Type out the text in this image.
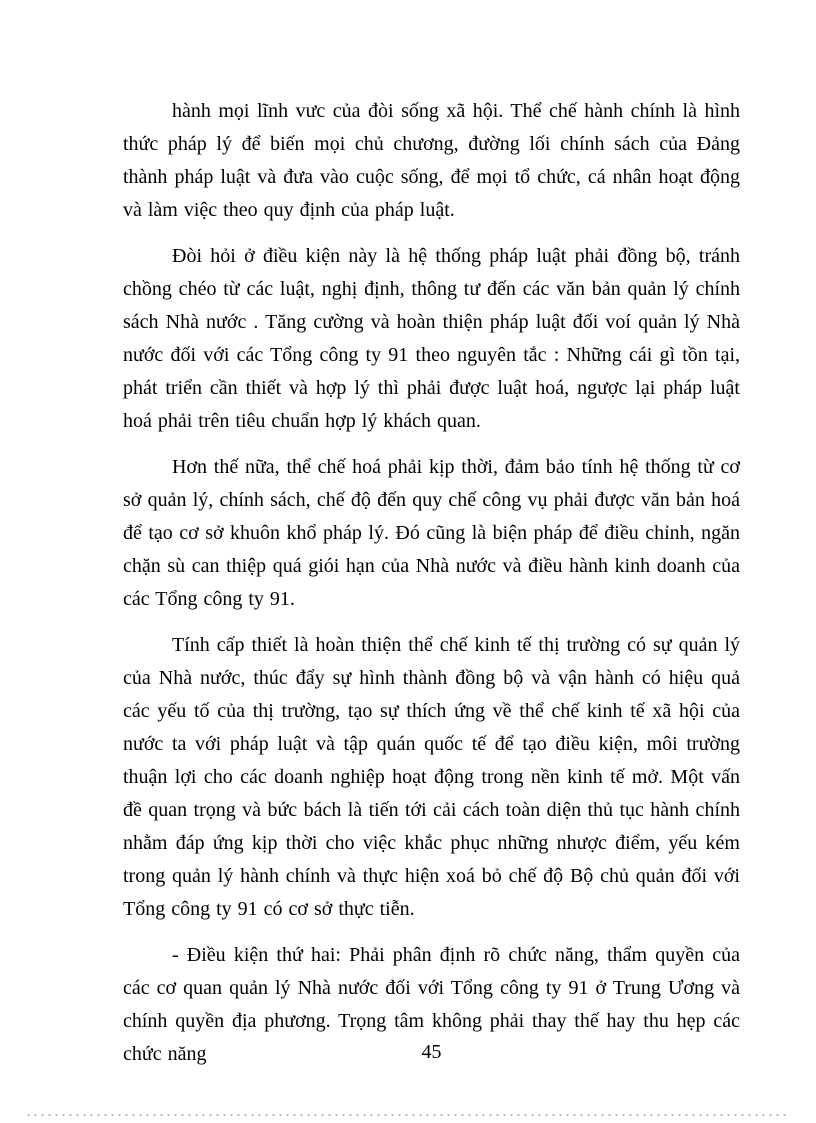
hành mọi lĩnh vưc của đòi sống xã hội. Thể chế hành chính là hình thức pháp lý để biến mọi chủ chương, đường lối chính sách của Đảng thành pháp luật và đưa vào cuộc sống, để mọi tổ chức, cá nhân hoạt động và làm việc theo quy định của pháp luật.

Đòi hỏi ở điều kiện này là hệ thống pháp luật phải đồng bộ, tránh chồng chéo từ các luật, nghị định, thông tư đến các văn bản quản lý chính sách Nhà nước . Tăng cường và hoàn thiện pháp luật đối voí quản lý Nhà nước đối với các Tổng công ty 91 theo nguyên tắc : Những cái gì tồn tại, phát triển cần thiết và hợp lý thì phải được luật hoá, ngược lại pháp luật hoá phải trên tiêu chuẩn hợp lý khách quan.

Hơn thế nữa, thể chế hoá phải kịp thời, đảm bảo tính hệ thống từ cơ sở quản lý, chính sách, chế độ đến quy chế công vụ phải được văn bản hoá để tạo cơ sở khuôn khổ pháp lý. Đó cũng là biện pháp để điều chỉnh, ngăn chặn sù can thiệp quá giói hạn của Nhà nước và điều hành kinh doanh của các Tổng công ty 91.

Tính cấp thiết là hoàn thiện thể chế kinh tế thị trường có sự quản lý của Nhà nước, thúc đẩy sự hình thành đồng bộ và vận hành có hiệu quả các yếu tố của thị trường, tạo sự thích ứng về thể chế kinh tế xã hội của nước ta với pháp luật và tập quán quốc tế để tạo điều kiện, môi trường thuận lợi cho các doanh nghiệp hoạt động trong nền kinh tế mở. Một vấn đề quan trọng và bức bách là tiến tới cải cách toàn diện thủ tục hành chính nhằm đáp ứng kịp thời cho việc khắc phục những nhược điểm, yếu kém trong quản lý hành chính và thực hiện xoá bỏ chế độ Bộ chủ quản đối với Tổng công ty 91 có cơ sở thực tiễn.

- Điều kiện thứ hai: Phải phân định rõ chức năng, thẩm quyền của các cơ quan quản lý Nhà nước đối với Tổng công ty 91 ở Trung Ương và chính quyền địa phương. Trọng tâm không phải thay thế hay thu hẹp các chức năng	45
